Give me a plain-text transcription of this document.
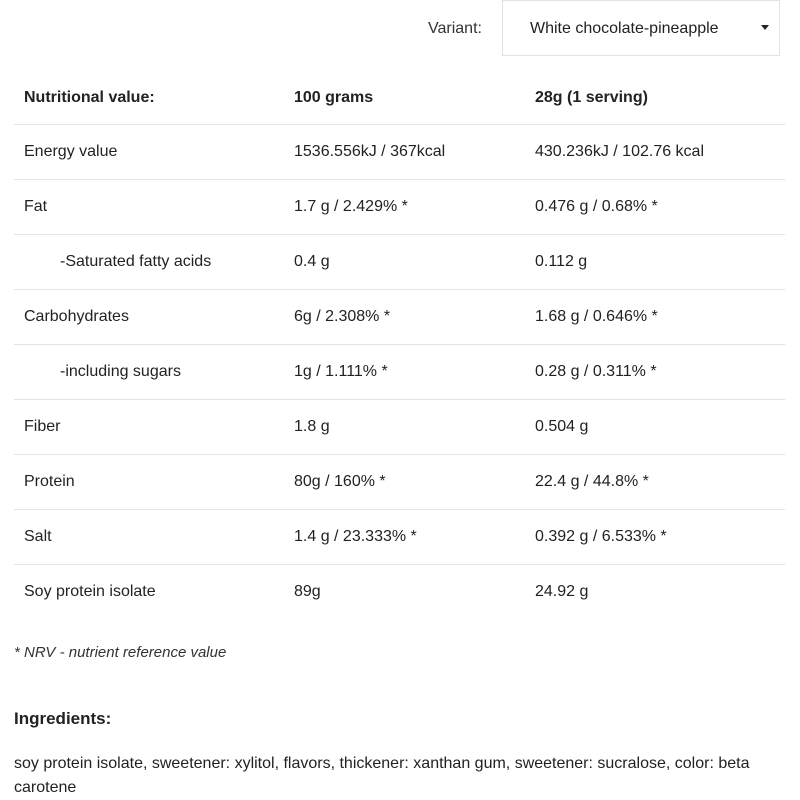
Variant:	White chocolate-pineapple
Nutritional value:	100 grams	28g (1 serving)
Energy value	1536.556kJ / 367kcal	430.236kJ / 102.76 kcal
Fat	1.7 g / 2.429% *	0.476 g / 0.68% *
-Saturated fatty acids	0.4 g	0.112 g
Carbohydrates	6g / 2.308% *	1.68 g / 0.646% *
-including sugars	1g / 1.111% *	0.28 g / 0.311% *
Fiber	1.8 g	0.504 g
Protein	80g / 160% *	22.4 g / 44.8% *
Salt	1.4 g / 23.333% *	0.392 g / 6.533% *
Soy protein isolate	89g	24.92 g
* NRV - nutrient reference value
Ingredients:
soy protein isolate, sweetener: xylitol, flavors, thickener: xanthan gum, sweetener: sucralose, color: beta carotene
